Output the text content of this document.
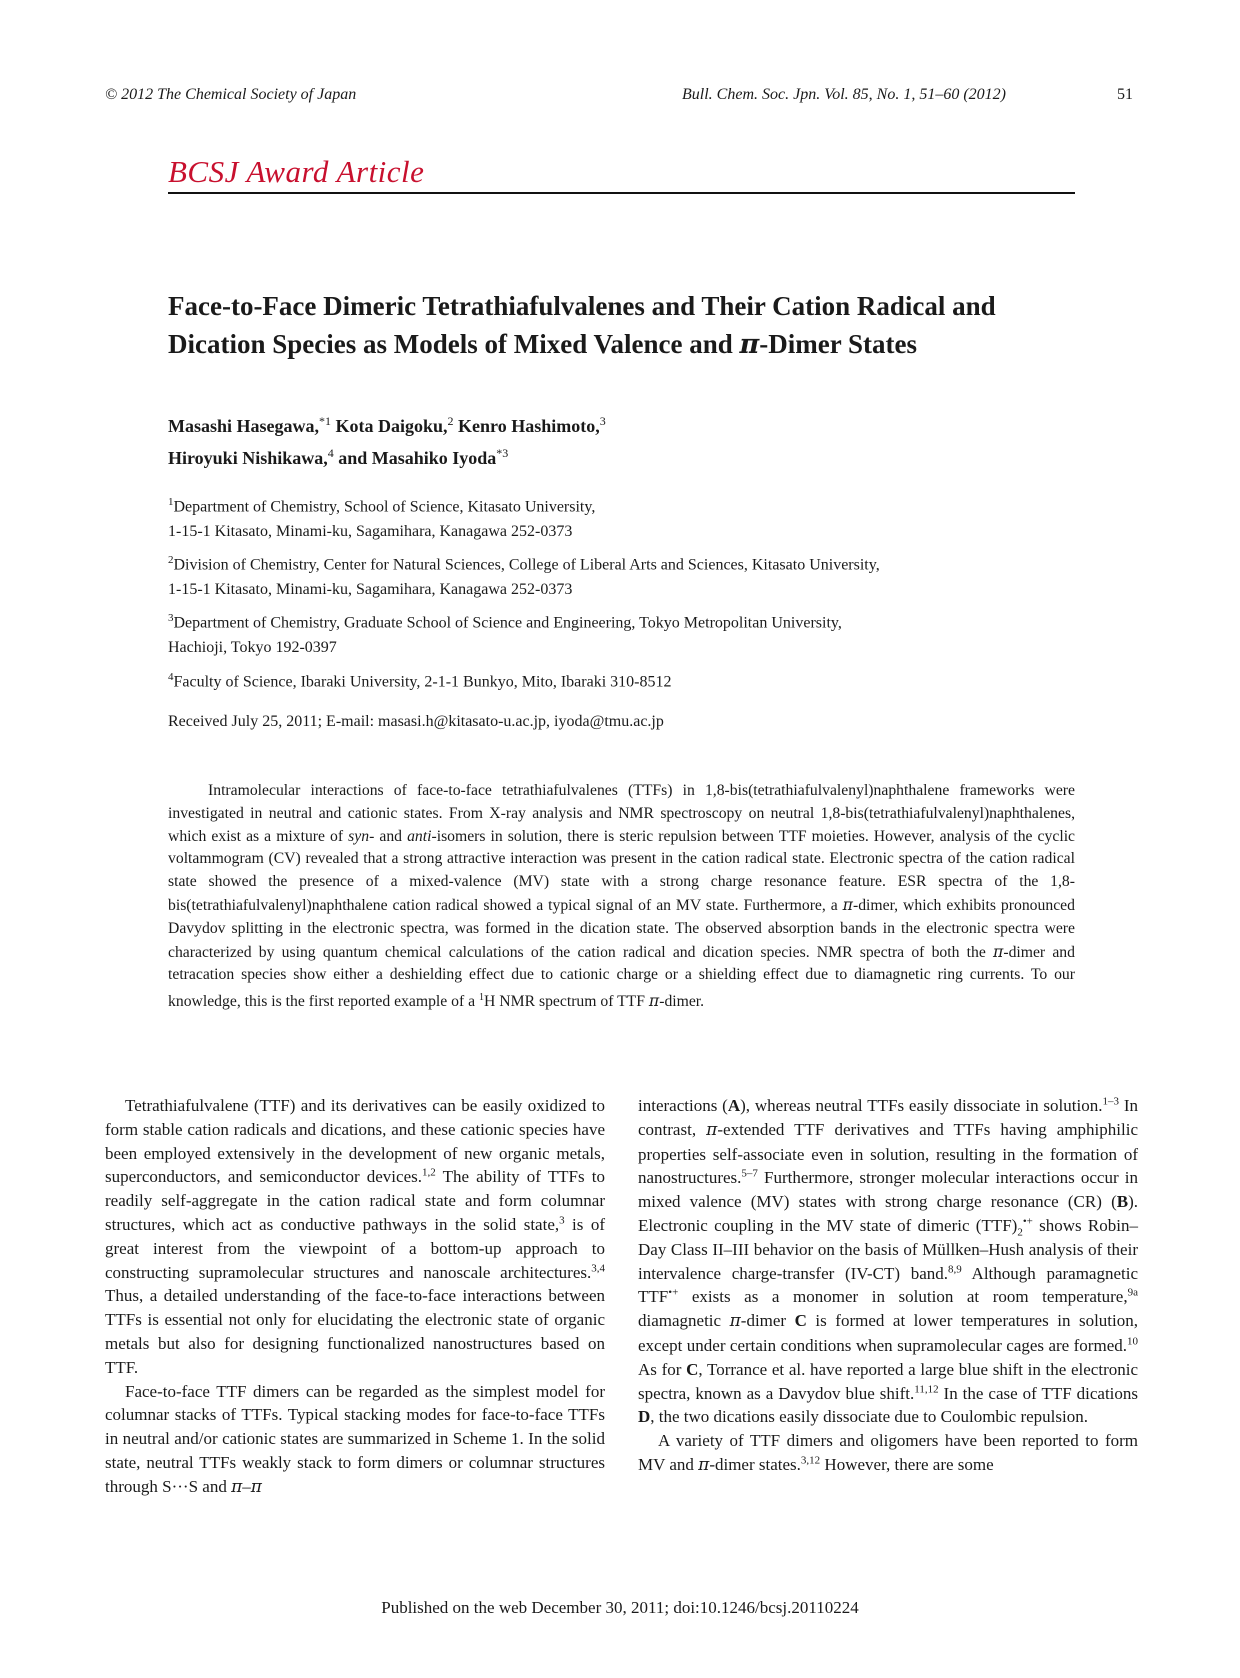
© 2012 The Chemical Society of Japan	Bull. Chem. Soc. Jpn. Vol. 85, No. 1, 51–60 (2012)	51
BCSJ Award Article
Face-to-Face Dimeric Tetrathiafulvalenes and Their Cation Radical and
Dication Species as Models of Mixed Valence and π-Dimer States
Masashi Hasegawa,$^{*1}$ Kota Daigoku,$^2$ Kenro Hashimoto,$^3$
Hiroyuki Nishikawa,$^4$ and Masahiko Iyoda$^{*3}$
$^1$Department of Chemistry, School of Science, Kitasato University,
1-15-1 Kitasato, Minami-ku, Sagamihara, Kanagawa 252-0373
$^2$Division of Chemistry, Center for Natural Sciences, College of Liberal Arts and Sciences, Kitasato University,
1-15-1 Kitasato, Minami-ku, Sagamihara, Kanagawa 252-0373
$^3$Department of Chemistry, Graduate School of Science and Engineering, Tokyo Metropolitan University,
Hachioji, Tokyo 192-0397
$^4$Faculty of Science, Ibaraki University, 2-1-1 Bunkyo, Mito, Ibaraki 310-8512
Received July 25, 2011; E-mail: masasi.h@kitasato-u.ac.jp, iyoda@tmu.ac.jp

Intramolecular interactions of face-to-face tetrathiafulvalenes (TTFs) in 1,8-bis(tetrathiafulvalenyl)naphthalene frameworks were investigated in neutral and cationic states. From X-ray analysis and NMR spectroscopy on neutral 1,8-bis(tetrathiafulvalenyl)naphthalenes, which exist as a mixture of syn- and anti-isomers in solution, there is steric repulsion between TTF moieties. However, analysis of the cyclic voltammogram (CV) revealed that a strong attractive interaction was present in the cation radical state. Electronic spectra of the cation radical state showed the presence of a mixed-valence (MV) state with a strong charge resonance feature. ESR spectra of the 1,8-bis(tetrathiafulvalenyl)naphthalene cation radical showed a typical signal of an MV state. Furthermore, a π-dimer, which exhibits pronounced Davydov splitting in the electronic spectra, was formed in the dication state. The observed absorption bands in the electronic spectra were characterized by using quantum chemical calculations of the cation radical and dication species. NMR spectra of both the π-dimer and tetracation species show either a deshielding effect due to cationic charge or a shielding effect due to diamagnetic ring currents. To our knowledge, this is the first reported example of a $^1$H NMR spectrum of TTF π-dimer.

Tetrathiafulvalene (TTF) and its derivatives can be easily oxidized to form stable cation radicals and dications, and these cationic species have been employed extensively in the development of new organic metals, superconductors, and semiconductor devices.$^{1,2}$ The ability of TTFs to readily self-aggregate in the cation radical state and form columnar structures, which act as conductive pathways in the solid state,$^3$ is of great interest from the viewpoint of a bottom-up approach to constructing supramolecular structures and nanoscale architectures.$^{3,4}$ Thus, a detailed understanding of the face-to-face interactions between TTFs is essential not only for elucidating the electronic state of organic metals but also for designing functionalized nanostructures based on TTF.

Face-to-face TTF dimers can be regarded as the simplest model for columnar stacks of TTFs. Typical stacking modes for face-to-face TTFs in neutral and/or cationic states are summarized in Scheme 1. In the solid state, neutral TTFs weakly stack to form dimers or columnar structures through S···S and π–π

interactions (A), whereas neutral TTFs easily dissociate in solution.$^{1-3}$ In contrast, π-extended TTF derivatives and TTFs having amphiphilic properties self-associate even in solution, resulting in the formation of nanostructures.$^{5-7}$ Furthermore, stronger molecular interactions occur in mixed valence (MV) states with strong charge resonance (CR) (B). Electronic coupling in the MV state of dimeric $(TTF)_2^{•+}$ shows Robin–Day Class II–III behavior on the basis of Müllken–Hush analysis of their intervalence charge-transfer (IV-CT) band.$^{8,9}$ Although paramagnetic TTF•+ exists as a monomer in solution at room temperature,$^{9a}$ diamagnetic π-dimer C is formed at lower temperatures in solution, except under certain conditions when supramolecular cages are formed.$^{10}$ As for C, Torrance et al. have reported a large blue shift in the electronic spectra, known as a Davydov blue shift.$^{11,12}$ In the case of TTF dications D, the two dications easily dissociate due to Coulombic repulsion.

A variety of TTF dimers and oligomers have been reported to form MV and π-dimer states.$^{3,12}$ However, there are some

Published on the web December 30, 2011; doi:10.1246/bcsj.20110224
